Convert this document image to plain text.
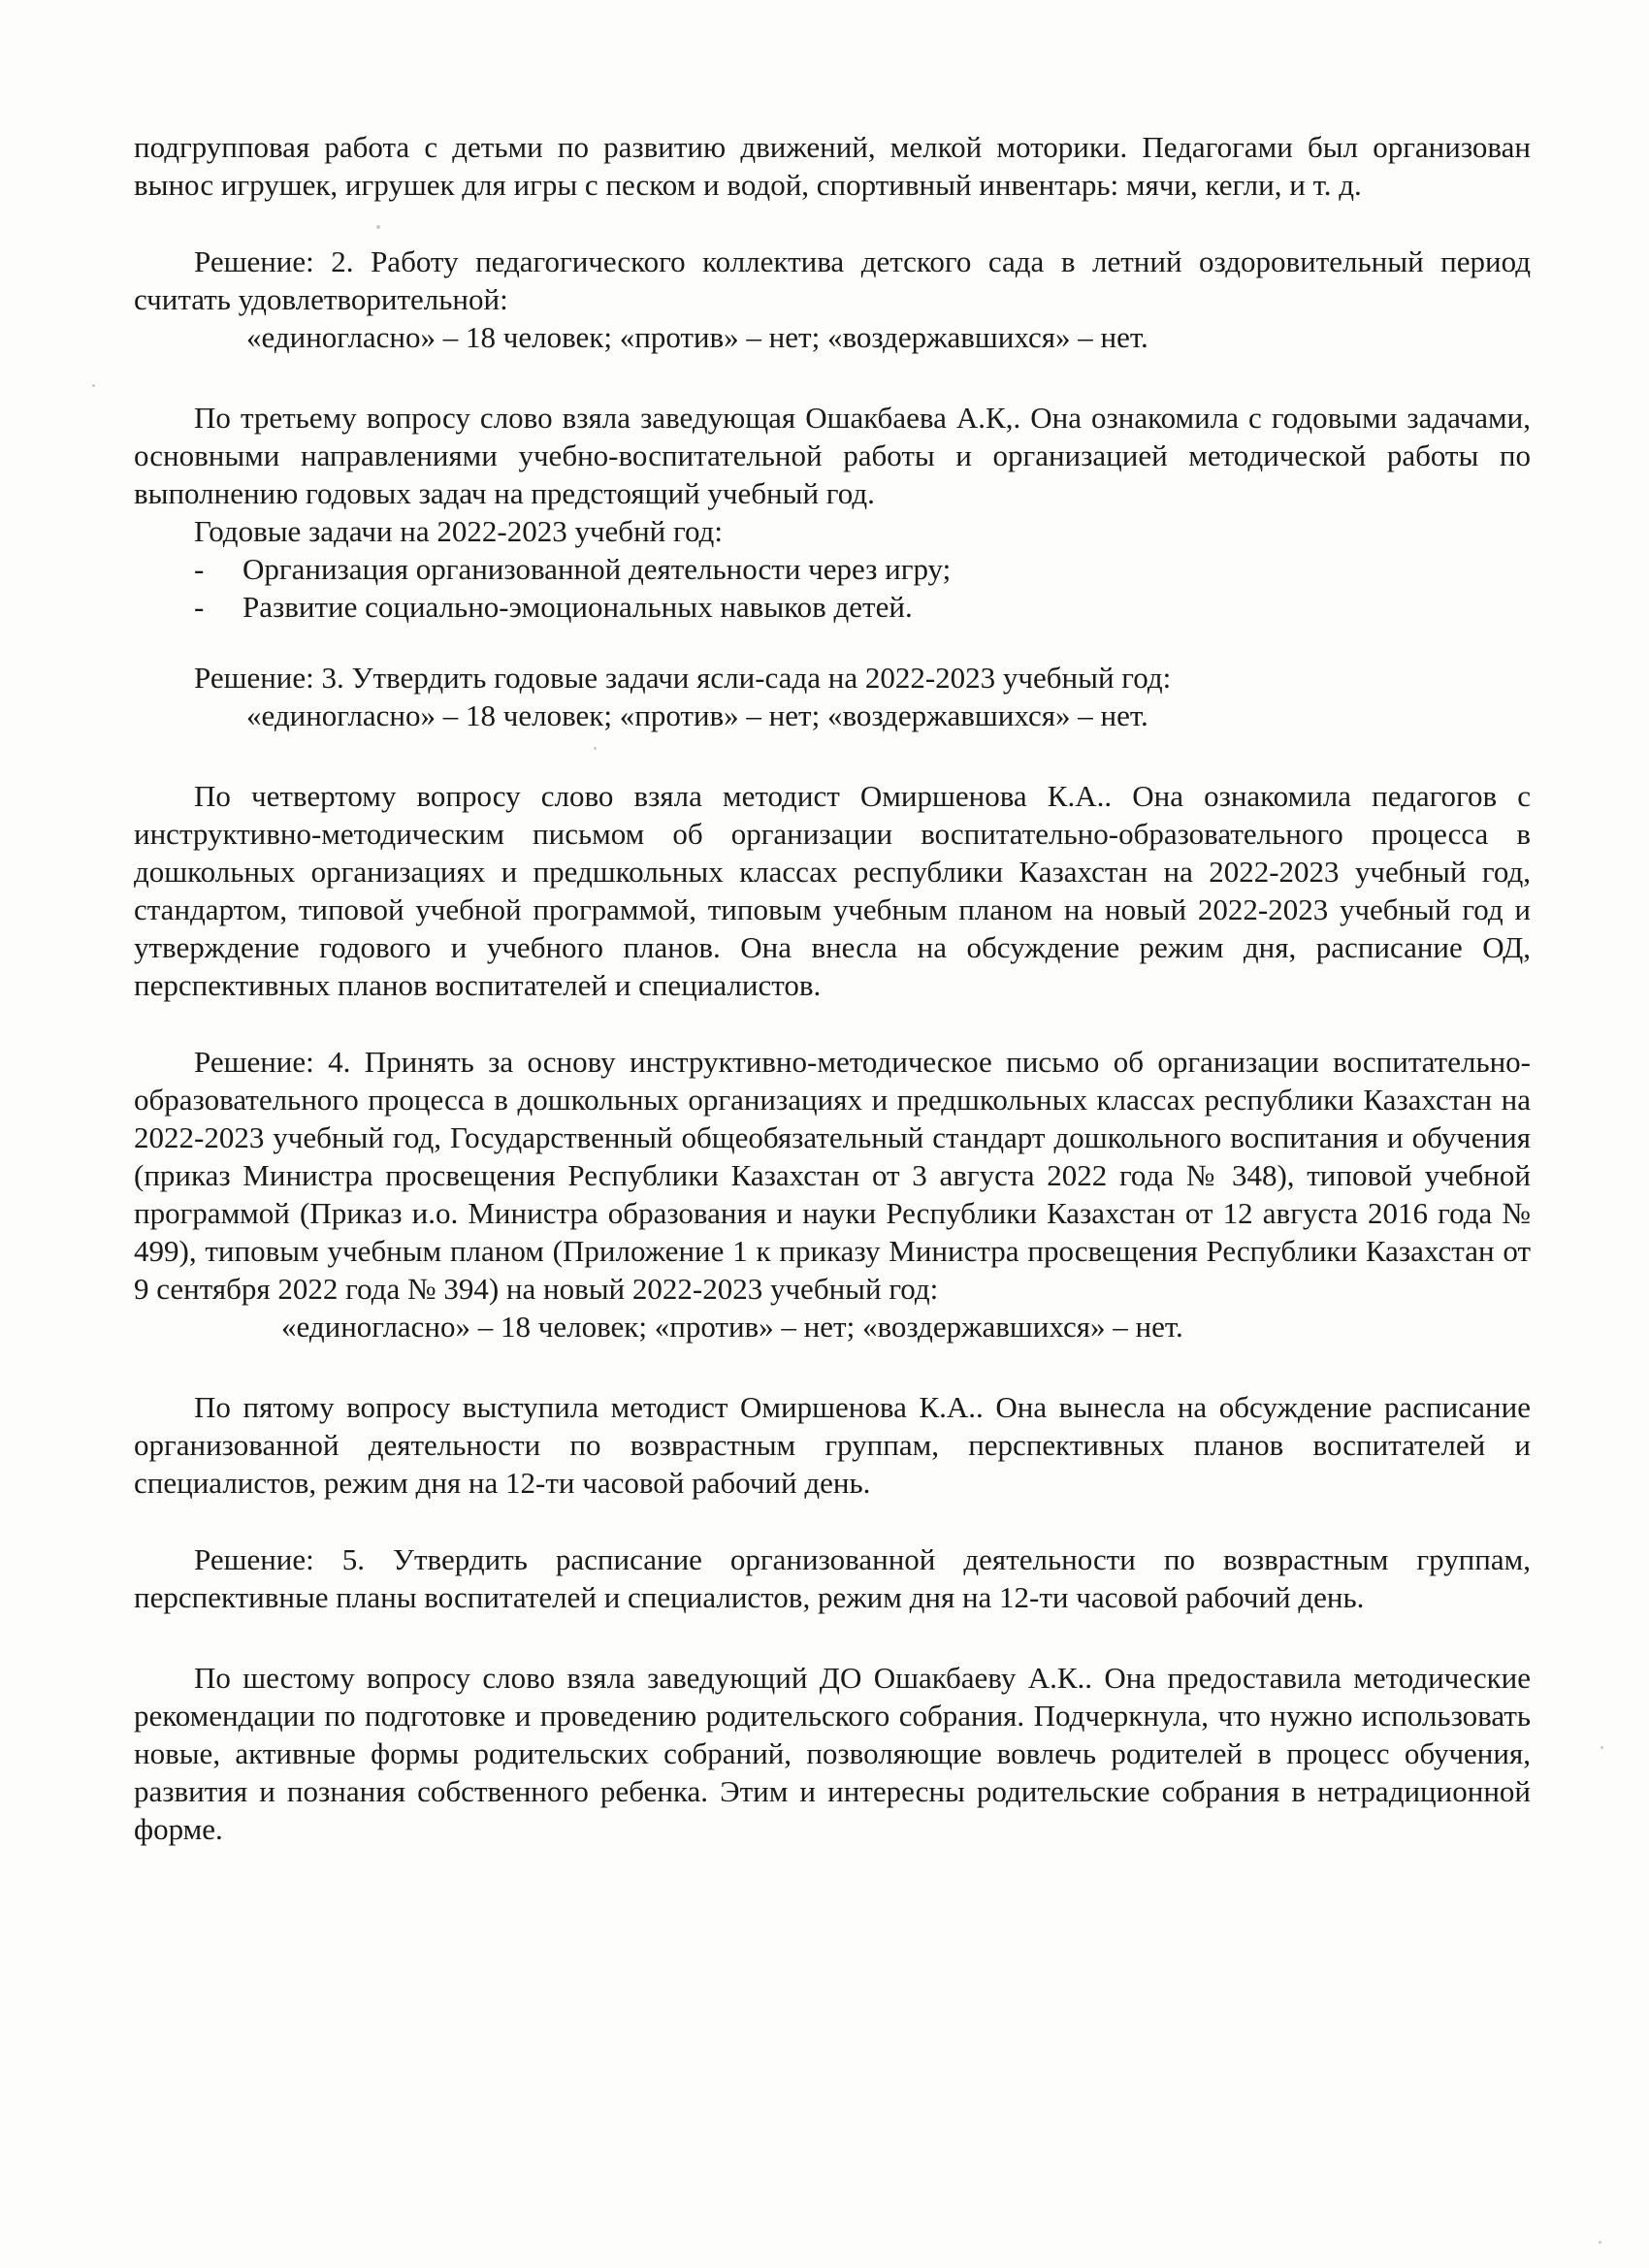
подгрупповая работа с детьми по развитию движений, мелкой моторики. Педагогами был организован вынос игрушек, игрушек для игры с песком и водой, спортивный инвентарь: мячи, кегли, и т. д.

Решение: 2. Работу педагогического коллектива детского сада в летний оздоровительный период считать удовлетворительной:

«единогласно» – 18 человек; «против» – нет; «воздержавшихся» – нет.

По третьему вопросу слово взяла заведующая Ошакбаева А.К,. Она ознакомила с годовыми задачами, основными направлениями учебно-воспитательной работы и организацией методической работы по выполнению годовых задач на предстоящий учебный год.

Годовые задачи на 2022-2023 учебнй год:

- Организация организованной деятельности через игру;
- Развитие социально-эмоциональных навыков детей.

Решение: 3. Утвердить годовые задачи ясли-сада на 2022-2023 учебный год:

«единогласно» – 18 человек; «против» – нет; «воздержавшихся» – нет.

По четвертому вопросу слово взяла методист Омиршенова К.А.. Она ознакомила педагогов с инструктивно-методическим письмом об организации воспитательно-образовательного процесса в дошкольных организациях и предшкольных классах республики Казахстан на 2022-2023 учебный год, стандартом, типовой учебной программой, типовым учебным планом на новый 2022-2023 учебный год и утверждение годового и учебного планов. Она внесла на обсуждение режим дня, расписание ОД, перспективных планов воспитателей и специалистов.

Решение: 4. Принять за основу инструктивно-методическое письмо об организации воспитательно-образовательного процесса в дошкольных организациях и предшкольных классах республики Казахстан на 2022-2023 учебный год, Государственный общеобязательный стандарт дошкольного воспитания и обучения (приказ Министра просвещения Республики Казахстан от 3 августа 2022 года № 348), типовой учебной программой (Приказ и.о. Министра образования и науки Республики Казахстан от 12 августа 2016 года № 499), типовым учебным планом (Приложение 1 к приказу Министра просвещения Республики Казахстан от 9 сентября 2022 года № 394) на новый 2022-2023 учебный год:

«единогласно» – 18 человек; «против» – нет; «воздержавшихся» – нет.

По пятому вопросу выступила методист Омиршенова К.А.. Она вынесла на обсуждение расписание организованной деятельности по возврастным группам, перспективных планов воспитателей и специалистов, режим дня на 12-ти часовой рабочий день.

Решение: 5. Утвердить расписание организованной деятельности по возврастным группам, перспективные планы воспитателей и специалистов, режим дня на 12-ти часовой рабочий день.

По шестому вопросу слово взяла заведующий ДО Ошакбаеву А.К.. Она предоставила методические рекомендации по подготовке и проведению родительского собрания. Подчеркнула, что нужно использовать новые, активные формы родительских собраний, позволяющие вовлечь родителей в процесс обучения, развития и познания собственного ребенка. Этим и интересны родительские собрания в нетрадиционной форме.
